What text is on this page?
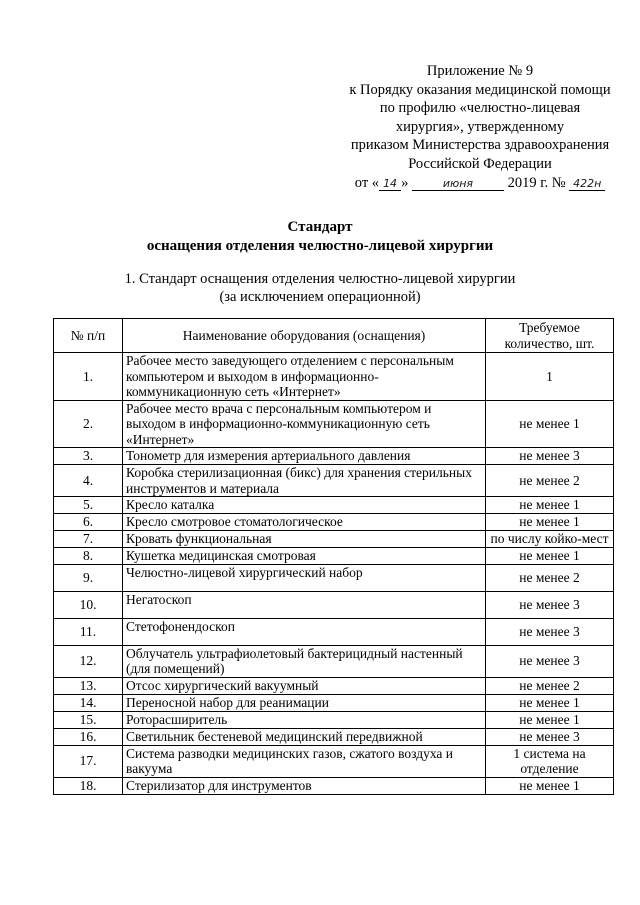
Приложение № 9
к Порядку оказания медицинской помощи
по профилю «челюстно-лицевая
хирургия», утвержденному
приказом Министерства здравоохранения
Российской Федерации
от « 14 »	июня 2019 г. № 422н
Стандарт
оснащения отделения челюстно-лицевой хирургии
1. Стандарт оснащения отделения челюстно-лицевой хирургии
(за исключением операционной)
№ п/п	Наименование оборудования (оснащения)	Требуемое количество, шт.
1.	Рабочее место заведующего отделением с персональным компьютером и выходом в информационно-коммуникационную сеть «Интернет»	1
2.	Рабочее место врача с персональным компьютером и выходом в информационно-коммуникационную сеть «Интернет»	не менее 1
3.	Тонометр для измерения артериального давления	не менее 3
4.	Коробка стерилизационная (бикс) для хранения стерильных инструментов и материала	не менее 2
5.	Кресло каталка	не менее 1
6.	Кресло смотровое стоматологическое	не менее 1
7.	Кровать функциональная	по числу койко-мест
8.	Кушетка медицинская смотровая	не менее 1
9.	Челюстно-лицевой хирургический набор	не менее 2
10.	Негатоскоп	не менее 3
11.	Стетофонендоскоп	не менее 3
12.	Облучатель ультрафиолетовый бактерицидный настенный (для помещений)	не менее 3
13.	Отсос хирургический вакуумный	не менее 2
14.	Переносной набор для реанимации	не менее 1
15.	Роторасширитель	не менее 1
16.	Светильник бестеневой медицинский передвижной	не менее 3
17.	Система разводки медицинских газов, сжатого воздуха и вакуума	1 система на отделение
18.	Стерилизатор для инструментов	не менее 1
